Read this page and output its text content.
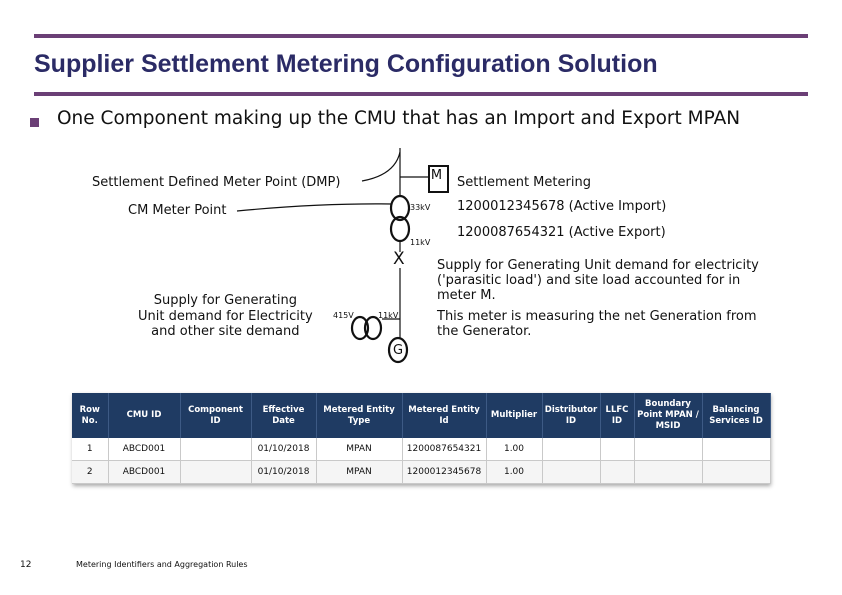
Supplier Settlement Metering Configuration Solution
One Component making up the CMU that has an Import and Export MPAN
Settlement Defined Meter Point (DMP)
CM Meter Point
M Settlement Metering
1200012345678 (Active Import)
1200087654321 (Active Export)
33kV
11kV
X
Supply for Generating
Unit demand for Electricity
and other site demand
415V	11kV
G
Supply for Generating Unit demand for electricity ('parasitic load') and site load accounted for in meter M.
This meter is measuring the net Generation from the Generator.
Row No.	CMU ID	Component ID	Effective Date	Metered Entity Type	Metered Entity Id	Multiplier	Distributor ID	LLFC ID	Boundary Point MPAN / MSID	Balancing Services ID
1	ABCD001		01/10/2018	MPAN	1200087654321	1.00				
2	ABCD001		01/10/2018	MPAN	1200012345678	1.00				
12	Metering Identifiers and Aggregation Rules
